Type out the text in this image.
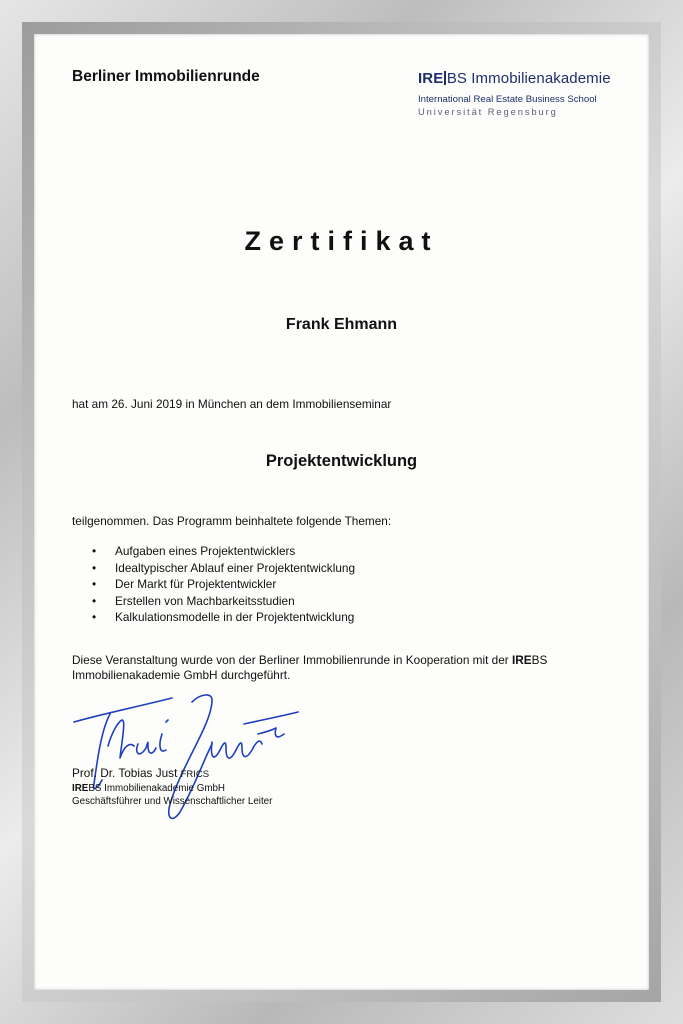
Berliner Immobilienrunde	IRE BS Immobilienakademie
International Real Estate Business School
Universität Regensburg
Zertifikat
Frank Ehmann
hat am 26. Juni 2019 in München an dem Immobilienseminar
Projektentwicklung
teilgenommen. Das Programm beinhaltete folgende Themen:
• Aufgaben eines Projektentwicklers
• Idealtypischer Ablauf einer Projektentwicklung
• Der Markt für Projektentwickler
• Erstellen von Machbarkeitsstudien
• Kalkulationsmodelle in der Projektentwicklung
Diese Veranstaltung wurde von der Berliner Immobilienrunde in Kooperation mit der IREBS
Immobilienakademie GmbH durchgeführt.
Prof. Dr. Tobias Just FRICS
IREBS Immobilienakademie GmbH
Geschäftsführer und Wissenschaftlicher Leiter
